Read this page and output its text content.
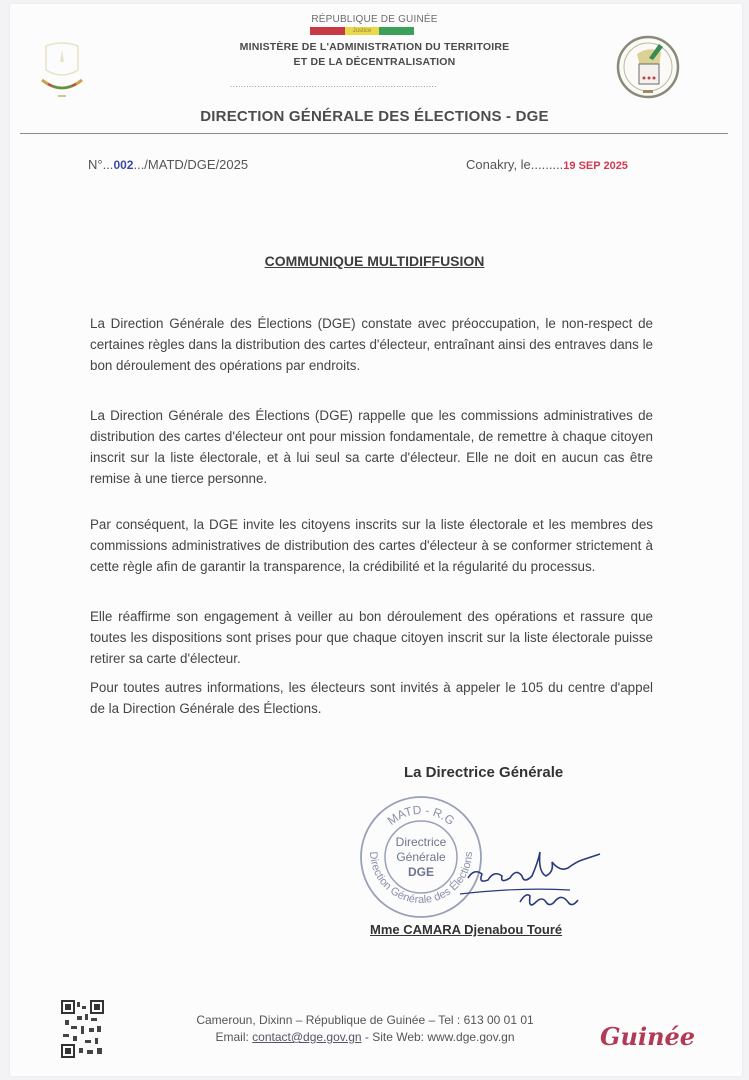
RÉPUBLIQUE DE GUINÉE
Justice
MINISTÈRE DE L'ADMINISTRATION DU TERRITOIRE
ET DE LA DÉCENTRALISATION
............................................................................
DIRECTION GÉNÉRALE DES ÉLECTIONS - DGE
N°...002.../MATD/DGE/2025	Conakry, le.........19 SEP 2025
COMMUNIQUE MULTIDIFFUSION
La Direction Générale des Élections (DGE) constate avec préoccupation, le non-respect de certaines règles dans la distribution des cartes d'électeur, entraînant ainsi des entraves dans le bon déroulement des opérations par endroits.
La Direction Générale des Élections (DGE) rappelle que les commissions administratives de distribution des cartes d'électeur ont pour mission fondamentale, de remettre à chaque citoyen inscrit sur la liste électorale, et à lui seul sa carte d'électeur. Elle ne doit en aucun cas être remise à une tierce personne.
Par conséquent, la DGE invite les citoyens inscrits sur la liste électorale et les membres des commissions administratives de distribution des cartes d'électeur à se conformer strictement à cette règle afin de garantir la transparence, la crédibilité et la régularité du processus.
Elle réaffirme son engagement à veiller au bon déroulement des opérations et rassure que toutes les dispositions sont prises pour que chaque citoyen inscrit sur la liste électorale puisse retirer sa carte d'électeur.
Pour toutes autres informations, les électeurs sont invités à appeler le 105 du centre d'appel de la Direction Générale des Élections.
La Directrice Générale
MATD - R.G
Direction Générale des Élections
Directrice
Générale
DGE
Mme CAMARA Djenabou Touré
Cameroun, Dixinn – République de Guinée – Tel : 613 00 01 01
Email: contact@dge.gov.gn - Site Web: www.dge.gov.gn	Guinée
